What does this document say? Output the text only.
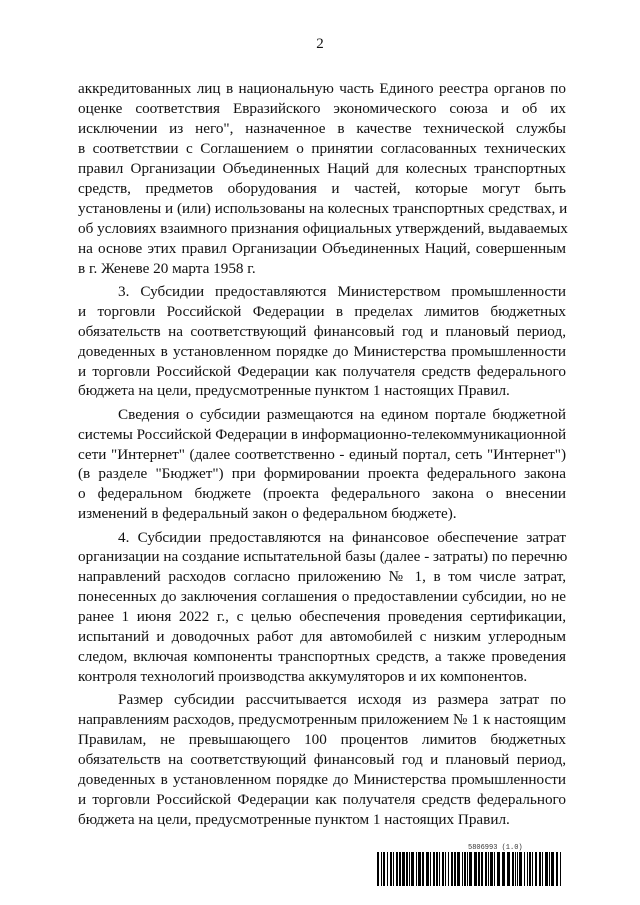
2
аккредитованных лиц в национальную часть Единого реестра органов по
оценке соответствия Евразийского экономического союза и об их
исключении из него", назначенное в качестве технической службы
в соответствии с Соглашением о принятии согласованных технических
правил Организации Объединенных Наций для колесных транспортных
средств, предметов оборудования и частей, которые могут быть
установлены и (или) использованы на колесных транспортных средствах, и
об условиях взаимного признания официальных утверждений, выдаваемых
на основе этих правил Организации Объединенных Наций, совершенным
в г. Женеве 20 марта 1958 г.
3. Субсидии предоставляются Министерством промышленности
и торговли Российской Федерации в пределах лимитов бюджетных
обязательств на соответствующий финансовый год и плановый период,
доведенных в установленном порядке до Министерства промышленности
и торговли Российской Федерации как получателя средств федерального
бюджета на цели, предусмотренные пунктом 1 настоящих Правил.
Сведения о субсидии размещаются на едином портале бюджетной
системы Российской Федерации в информационно-телекоммуникационной
сети "Интернет" (далее соответственно - единый портал, сеть "Интернет")
(в разделе "Бюджет") при формировании проекта федерального закона
о федеральном бюджете (проекта федерального закона о внесении
изменений в федеральный закон о федеральном бюджете).
4. Субсидии предоставляются на финансовое обеспечение затрат
организации на создание испытательной базы (далее - затраты) по перечню
направлений расходов согласно приложению № 1, в том числе затрат,
понесенных до заключения соглашения о предоставлении субсидии, но не
ранее 1 июня 2022 г., с целью обеспечения проведения сертификации,
испытаний и доводочных работ для автомобилей с низким углеродным
следом, включая компоненты транспортных средств, а также проведения
контроля технологий производства аккумуляторов и их компонентов.
Размер субсидии рассчитывается исходя из размера затрат по
направлениям расходов, предусмотренным приложением № 1 к настоящим
Правилам, не превышающего 100 процентов лимитов бюджетных
обязательств на соответствующий финансовый год и плановый период,
доведенных в установленном порядке до Министерства промышленности
и торговли Российской Федерации как получателя средств федерального
бюджета на цели, предусмотренные пунктом 1 настоящих Правил.
5806993 (1.0)
